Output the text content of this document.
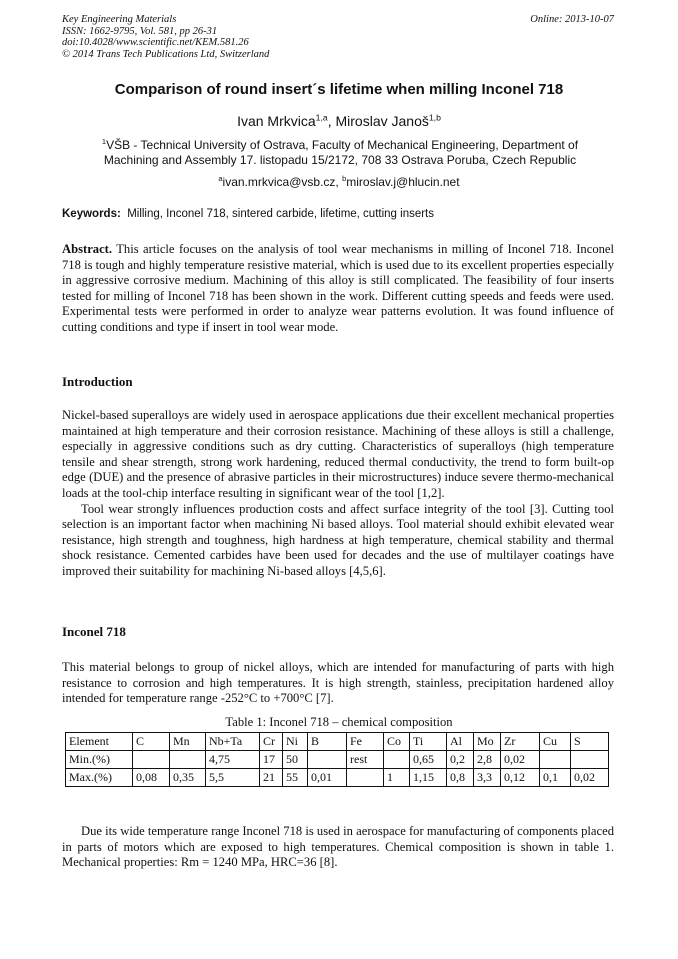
Key Engineering Materials
ISSN: 1662-9795, Vol. 581, pp 26-31
doi:10.4028/www.scientific.net/KEM.581.26
© 2014 Trans Tech Publications Ltd, Switzerland
Online: 2013-10-07
Comparison of round insert´s lifetime when milling Inconel 718
Ivan Mrkvica$^{1,a}$, Miroslav Janoš$^{1,b}$
$^1$VŠB - Technical University of Ostrava, Faculty of Mechanical Engineering, Department of
Machining and Assembly 17. listopadu 15/2172, 708 33 Ostrava Poruba, Czech Republic
$^a$ivan.mrkvica@vsb.cz, $^b$miroslav.j@hlucin.net
Keywords: Milling, Inconel 718, sintered carbide, lifetime, cutting inserts

Abstract. This article focuses on the analysis of tool wear mechanisms in milling of Inconel 718. Inconel 718 is tough and highly temperature resistive material, which is used due to its excellent properties especially in aggressive corrosive medium. Machining of this alloy is still complicated. The feasibility of four inserts tested for milling of Inconel 718 has been shown in the work. Different cutting speeds and feeds were used. Experimental tests were performed in order to analyze wear patterns evolution. It was found influence of cutting conditions and type if insert in tool wear mode.

Introduction

Nickel-based superalloys are widely used in aerospace applications due their excellent mechanical properties maintained at high temperature and their corrosion resistance. Machining of these alloys is still a challenge, especially in aggressive conditions such as dry cutting. Characteristics of superalloys (high temperature tensile and shear strength, strong work hardening, reduced thermal conductivity, the trend to form built-op edge (DUE) and the presence of abrasive particles in their microstructures) induce severe thermo-mechanical loads at the tool-chip interface resulting in significant wear of the tool [1,2].

Tool wear strongly influences production costs and affect surface integrity of the tool [3]. Cutting tool selection is an important factor when machining Ni based alloys. Tool material should exhibit elevated wear resistance, high strength and toughness, high hardness at high temperature, chemical stability and thermal shock resistance. Cemented carbides have been used for decades and the use of multilayer coatings have improved their suitability for machining Ni-based alloys [4,5,6].

Inconel 718
This material belongs to group of nickel alloys, which are intended for manufacturing of parts with high resistance to corrosion and high temperatures. It is high strength, stainless, precipitation hardened alloy intended for temperature range -252°C to +700°C [7].
Table 1: Inconel 718 – chemical composition
Element	C	Mn	Nb+Ta	Cr	Ni	B	Fe	Co	Ti	Al	Mo	Zr	Cu	S
Min.(%)			4,75	17	50		rest		0,65	0,2	2,8	0,02		
Max.(%)	0,08	0,35	5,5	21	55	0,01		1	1,15	0,8	3,3	0,12	0,1	0,02

Due its wide temperature range Inconel 718 is used in aerospace for manufacturing of components placed in parts of motors which are exposed to high temperatures. Chemical composition is shown in table 1. Mechanical properties: Rm = 1240 MPa, HRC=36 [8].
